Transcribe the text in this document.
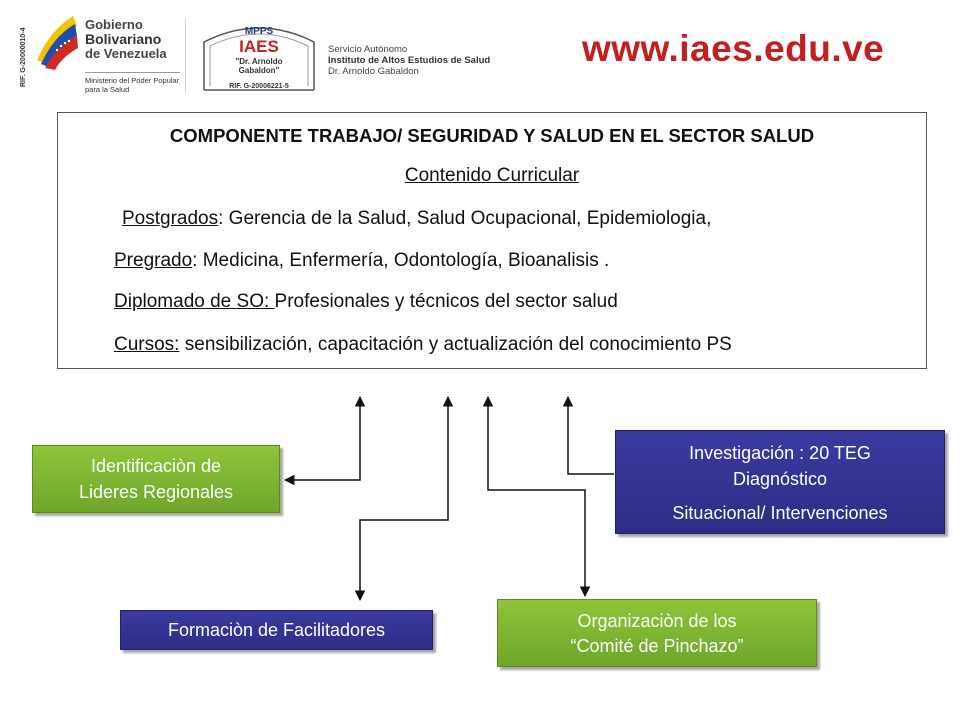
RIF. G-20000010-4
Gobierno
Bolivariano
de Venezuela
Ministerio del Poder Popular
para la Salud
MPPS
IAES
"Dr. Arnoldo
Gabaldon"
RIF. G-20006221-5
Servicio Autónomo
Instituto de Altos Estudios de Salud
Dr. Arnoldo Gabaldon
www.iaes.edu.ve
COMPONENTE TRABAJO/ SEGURIDAD Y SALUD EN EL SECTOR SALUD
Contenido Curricular
Postgrados: Gerencia de la Salud, Salud Ocupacional, Epidemiologia,
Pregrado: Medicina, Enfermería, Odontología, Bioanalisis .
Diplomado de SO: Profesionales y técnicos del sector salud
Cursos: sensibilización, capacitación y actualización del conocimiento PS
Identificaciòn de
Lideres Regionales
Investigación : 20 TEG
Diagnóstico
Situacional/ Intervenciones
Formaciòn de Facilitadores	Organizaciòn de los
“Comité de Pinchazo”
